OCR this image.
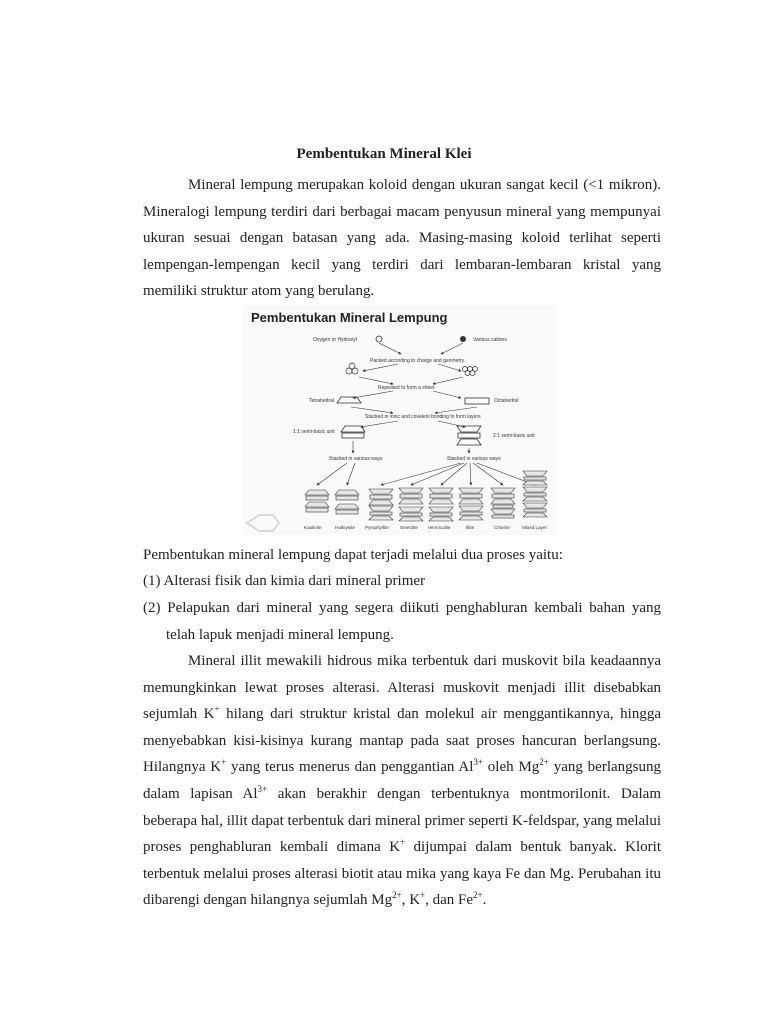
Pembentukan Mineral Klei
Mineral lempung merupakan koloid dengan ukuran sangat kecil (<1 mikron). Mineralogi lempung terdiri dari berbagai macam penyusun mineral yang mempunyai ukuran sesuai dengan batasan yang ada. Masing-masing koloid terlihat seperti lempengan-lempengan kecil yang terdiri dari lembaran-lembaran kristal yang memiliki struktur atom yang berulang.
Pembentukan Mineral Lempung
Oxygen or Hydroxyl	Various cations
Packed according to charge and geometry
Repeated to form a sheet
Tetrahedral	Octahedral
Stacked in ionic and covalent bonding to form layers
1:1 semi-basic unit
2:1 semi-basic unit
Stacked in various ways	Stacked in various ways
Kaolinite	Halloysite Pyrophyllite Smectite Vermiculite	Illite	Chlorite	Mixed Layer
Pembentukan mineral lempung dapat terjadi melalui dua proses yaitu:
(1) Alterasi fisik dan kimia dari mineral primer
(2) Pelapukan dari mineral yang segera diikuti penghabluran kembali bahan yang telah lapuk menjadi mineral lempung.
Mineral illit mewakili hidrous mika terbentuk dari muskovit bila keadaannya memungkinkan lewat proses alterasi. Alterasi muskovit menjadi illit disebabkan sejumlah K+ hilang dari struktur kristal dan molekul air menggantikannya, hingga menyebabkan kisi-kisinya kurang mantap pada saat proses hancuran berlangsung. Hilangnya K+ yang terus menerus dan penggantian $Al^{3+}$ oleh $Mg^{2+}$ yang berlangsung dalam lapisan $Al^{3+}$ akan berakhir dengan terbentuknya montmorilonit. Dalam beberapa hal, illit dapat terbentuk dari mineral primer seperti K-feldspar, yang melalui proses penghabluran kembali dimana K+ dijumpai dalam bentuk banyak. Klorit terbentuk melalui proses alterasi biotit atau mika yang kaya Fe dan Mg. Perubahan itu dibarengi dengan hilangnya sejumlah $Mg^{2+}$, K+, dan $Fe^{2+}$.
